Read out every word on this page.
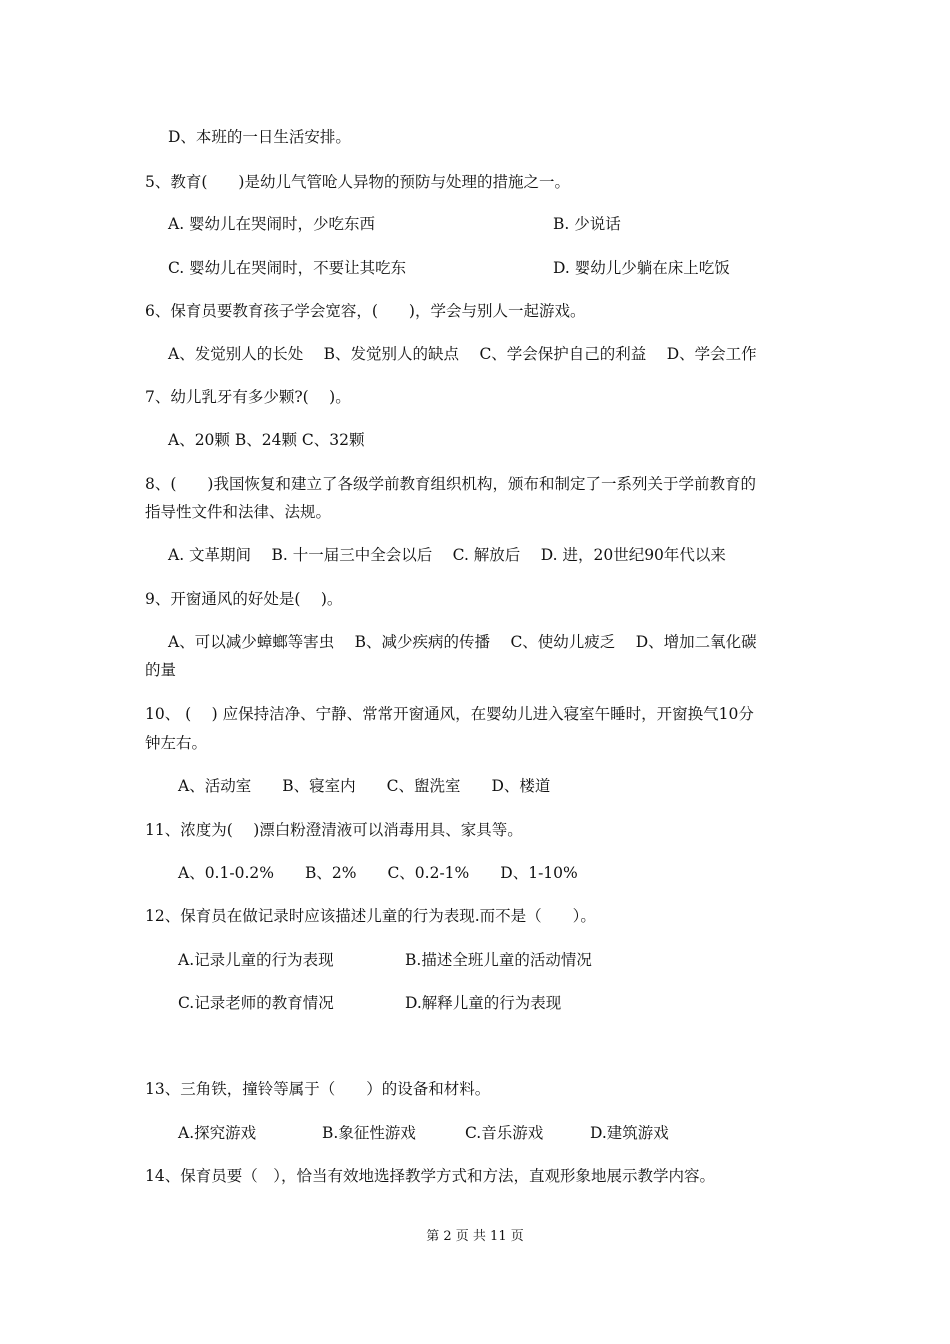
D、本班的一日生活安排。
5、教育(　　)是幼儿气管呛人异物的预防与处理的措施之一。
A. 婴幼儿在哭闹时，少吃东西	B. 少说话
C. 婴幼儿在哭闹时，不要让其吃东	D. 婴幼儿少躺在床上吃饭
6、保育员要教育孩子学会宽容，(　　)，学会与别人一起游戏。
A、发觉别人的长处　 B、发觉别人的缺点　 C、学会保护自己的利益　 D、学会工作
7、幼儿乳牙有多少颗?(　 )。
A、20颗 B、24颗 C、32颗
8、(　　)我国恢复和建立了各级学前教育组织机构，颁布和制定了一系列关于学前教育的
指导性文件和法律、法规。
A. 文革期间　 B. 十一届三中全会以后　 C. 解放后　 D. 进，20世纪90年代以来
9、开窗通风的好处是(　 )。
A、可以减少蟑螂等害虫　 B、减少疾病的传播　 C、使幼儿疲乏　 D、增加二氧化碳
的量
10、 (　 ) 应保持洁净、宁静、常常开窗通风，在婴幼儿进入寝室午睡时，开窗换气10分
钟左右。
A、活动室　　B、寝室内　　C、盥洗室　　D、楼道
11、浓度为(　 )漂白粉澄清液可以消毒用具、家具等。
A、0.1-0.2%　　B、2%　　C、0.2-1%　　D、1-10%
12、保育员在做记录时应该描述儿童的行为表现.而不是（　　）。
A.记录儿童的行为表现	B.描述全班儿童的活动情况
C.记录老师的教育情况	D.解释儿童的行为表现
13、三角铁，撞铃等属于（　　）的设备和材料。
A.探究游戏	B.象征性游戏	C.音乐游戏	D.建筑游戏
14、保育员要（　），恰当有效地选择教学方式和方法，直观形象地展示教学内容。
第 2 页 共 11 页
